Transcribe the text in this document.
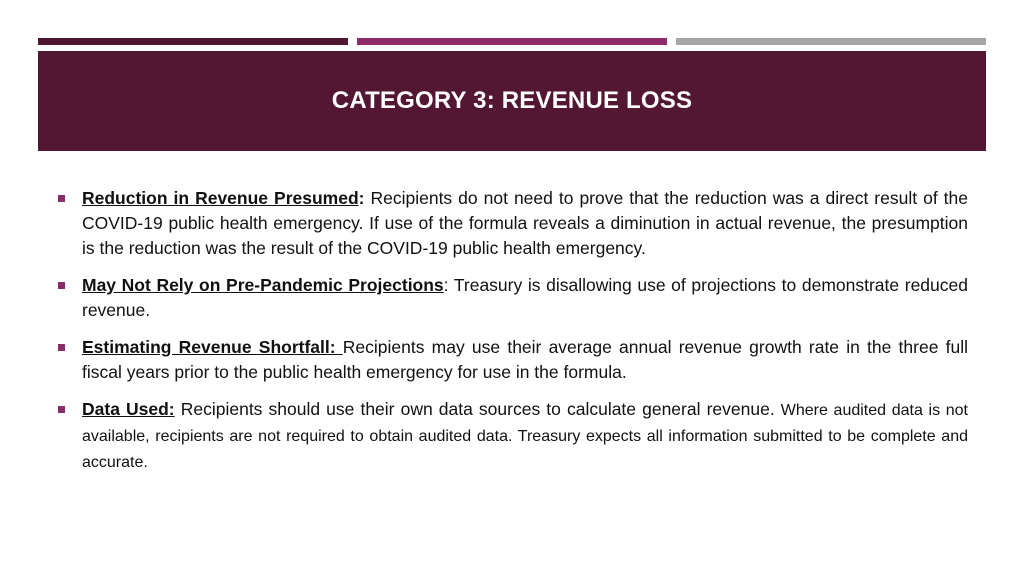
CATEGORY 3: REVENUE LOSS
Reduction in Revenue Presumed: Recipients do not need to prove that the reduction was a direct result of the COVID-19 public health emergency. If use of the formula reveals a diminution in actual revenue, the presumption is the reduction was the result of the COVID-19 public health emergency.
May Not Rely on Pre-Pandemic Projections: Treasury is disallowing use of projections to demonstrate reduced revenue.
Estimating Revenue Shortfall: Recipients may use their average annual revenue growth rate in the three full fiscal years prior to the public health emergency for use in the formula.
Data Used: Recipients should use their own data sources to calculate general revenue. Where audited data is not available, recipients are not required to obtain audited data. Treasury expects all information submitted to be complete and accurate.
